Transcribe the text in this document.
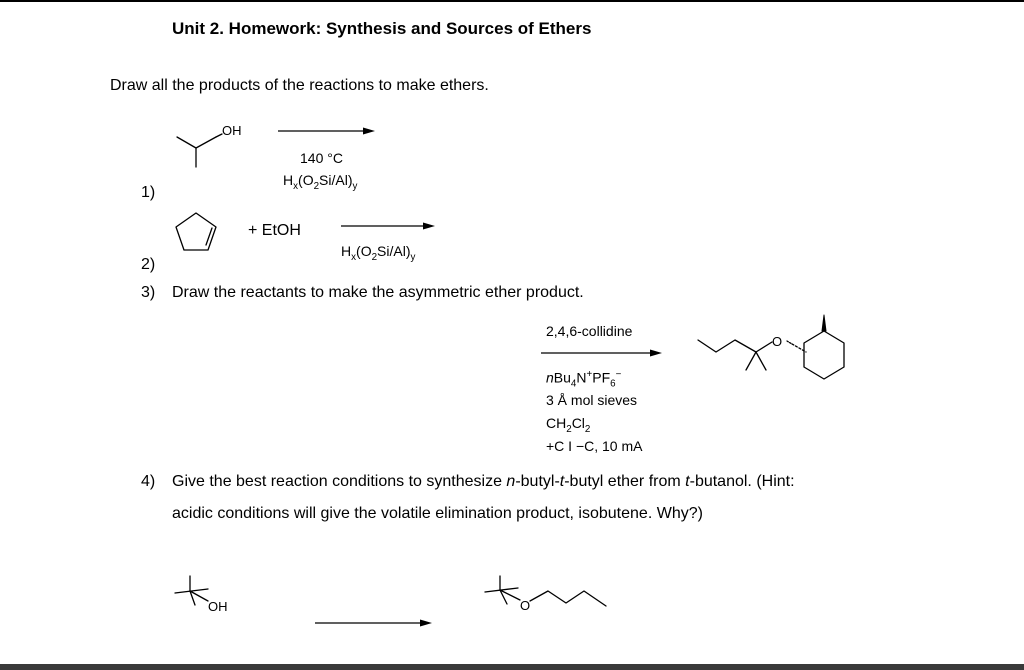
Unit 2. Homework: Synthesis and Sources of Ethers
Draw all the products of the reactions to make ethers.
OH
140 °C
$H_x(O_2Si/Al)_y$
1)
+ EtOH
$H_x(O_2Si/Al)_y$
2)
3) Draw the reactants to make the asymmetric ether product.
2,4,6-collidine
$nBu_4N^+PF_6^-$
3 Å mol sieves
$CH_2Cl_2$
+C I −C, 10 mA
O
4) Give the best reaction conditions to synthesize n-butyl-t-butyl ether from t-butanol. (Hint:
acidic conditions will give the volatile elimination product, isobutene. Why?)
OH	O
